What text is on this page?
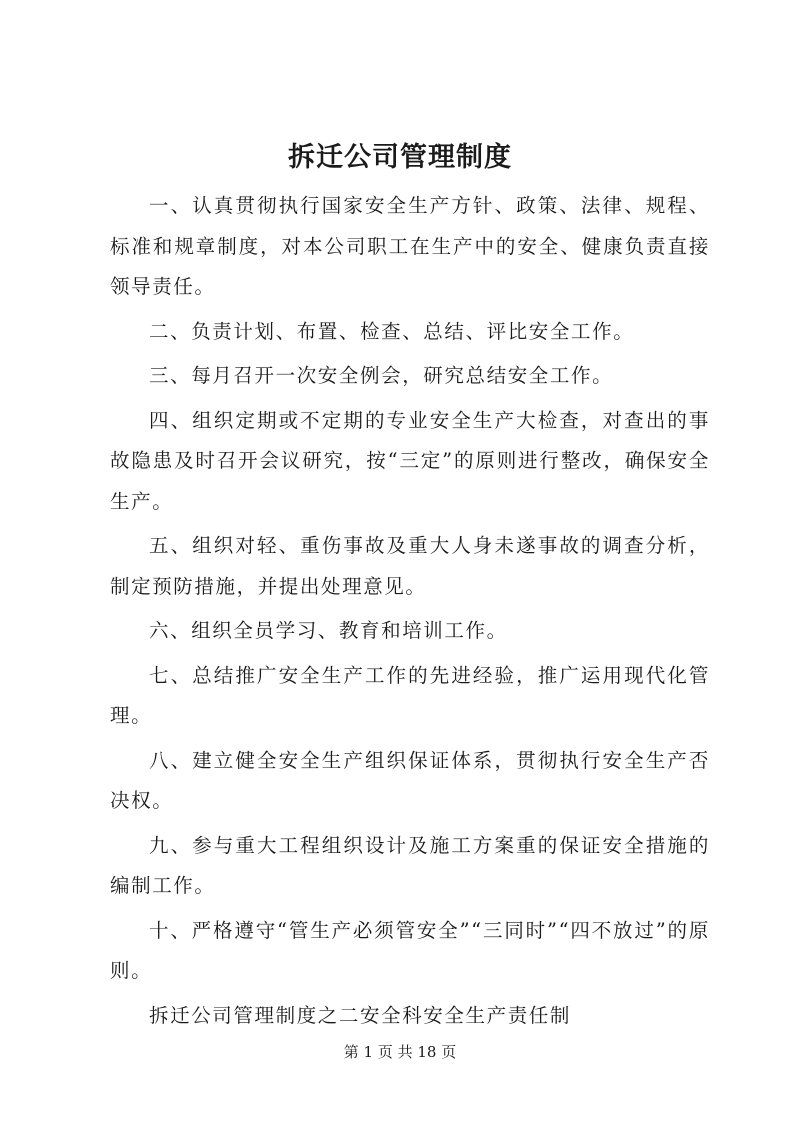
拆迁公司管理制度

一、认真贯彻执行国家安全生产方针、政策、法律、规程、标准和规章制度，对本公司职工在生产中的安全、健康负责直接领导责任。

二、负责计划、布置、检查、总结、评比安全工作。

三、每月召开一次安全例会，研究总结安全工作。

四、组织定期或不定期的专业安全生产大检查，对查出的事故隐患及时召开会议研究，按“三定”的原则进行整改，确保安全生产。

五、组织对轻、重伤事故及重大人身未遂事故的调查分析，制定预防措施，并提出处理意见。

六、组织全员学习、教育和培训工作。

七、总结推广安全生产工作的先进经验，推广运用现代化管理。

八、建立健全安全生产组织保证体系，贯彻执行安全生产否决权。

九、参与重大工程组织设计及施工方案重的保证安全措施的编制工作。

十、严格遵守“管生产必须管安全”“三同时”“四不放过”的原则。

拆迁公司管理制度之二安全科安全生产责任制

第 1 页 共 18 页
